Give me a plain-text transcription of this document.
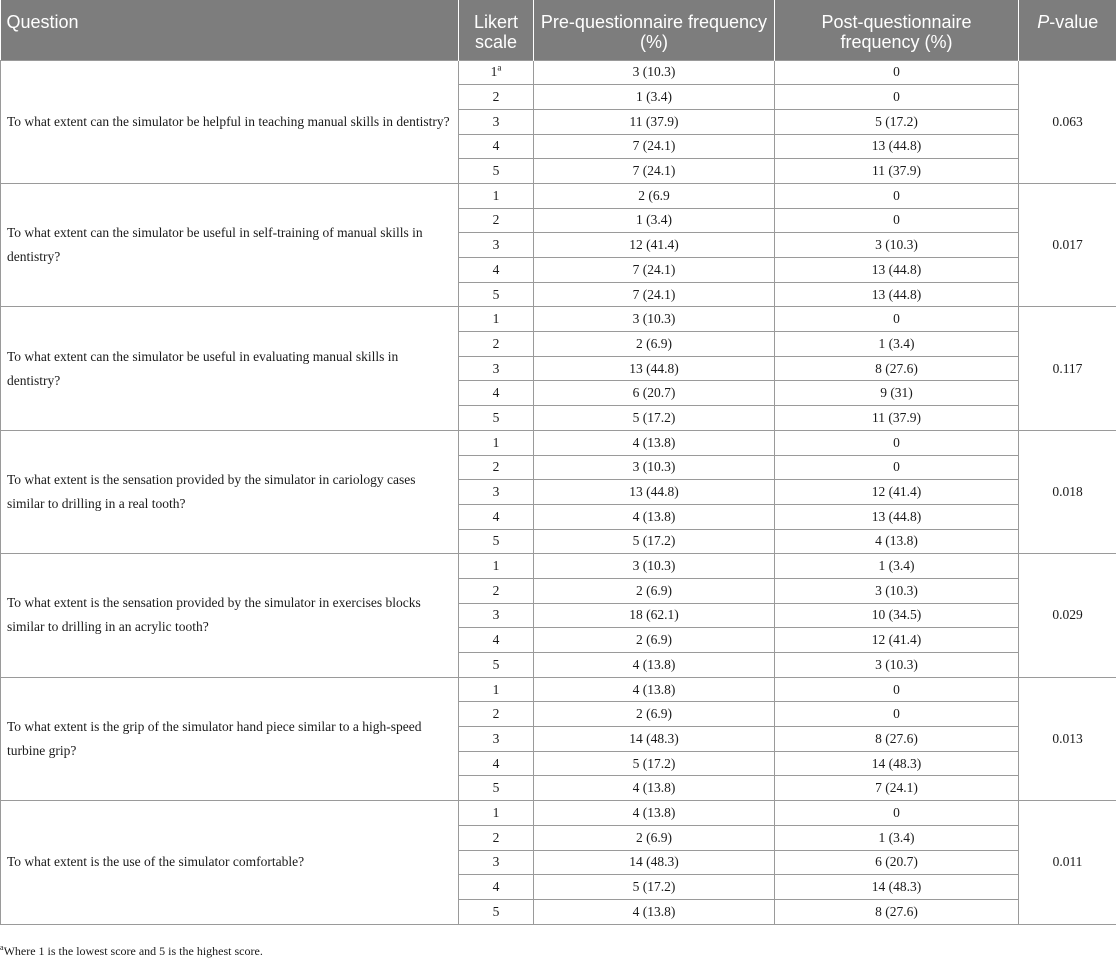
Question	Likert scale	Pre-questionnaire frequency (%)	Post-questionnaire frequency (%)	P-value
To what extent can the simulator be helpful in teaching manual skills in dentistry?	1$^a$	3 (10.3)	0	0.063
	2	1 (3.4)	0	
	3	11 (37.9)	5 (17.2)	
	4	7 (24.1)	13 (44.8)	
	5	7 (24.1)	11 (37.9)	
To what extent can the simulator be useful in self-training of manual skills in dentistry?	1	2 (6.9	0	0.017
	2	1 (3.4)	0	
	3	12 (41.4)	3 (10.3)	
	4	7 (24.1)	13 (44.8)	
	5	7 (24.1)	13 (44.8)	
To what extent can the simulator be useful in evaluating manual skills in dentistry?	1	3 (10.3)	0	0.117
	2	2 (6.9)	1 (3.4)	
	3	13 (44.8)	8 (27.6)	
	4	6 (20.7)	9 (31)	
	5	5 (17.2)	11 (37.9)	
To what extent is the sensation provided by the simulator in cariology cases similar to drilling in a real tooth?	1	4 (13.8)	0	0.018
	2	3 (10.3)	0	
	3	13 (44.8)	12 (41.4)	
	4	4 (13.8)	13 (44.8)	
	5	5 (17.2)	4 (13.8)	
To what extent is the sensation provided by the simulator in exercises blocks similar to drilling in an acrylic tooth?	1	3 (10.3)	1 (3.4)	0.029
	2	2 (6.9)	3 (10.3)	
	3	18 (62.1)	10 (34.5)	
	4	2 (6.9)	12 (41.4)	
	5	4 (13.8)	3 (10.3)	
To what extent is the grip of the simulator hand piece similar to a high-speed turbine grip?	1	4 (13.8)	0	0.013
	2	2 (6.9)	0	
	3	14 (48.3)	8 (27.6)	
	4	5 (17.2)	14 (48.3)	
	5	4 (13.8)	7 (24.1)	
To what extent is the use of the simulator comfortable?	1	4 (13.8)	0	0.011
	2	2 (6.9)	1 (3.4)	
	3	14 (48.3)	6 (20.7)	
	4	5 (17.2)	14 (48.3)	
	5	4 (13.8)	8 (27.6)	
$^a$Where 1 is the lowest score and 5 is the highest score.
